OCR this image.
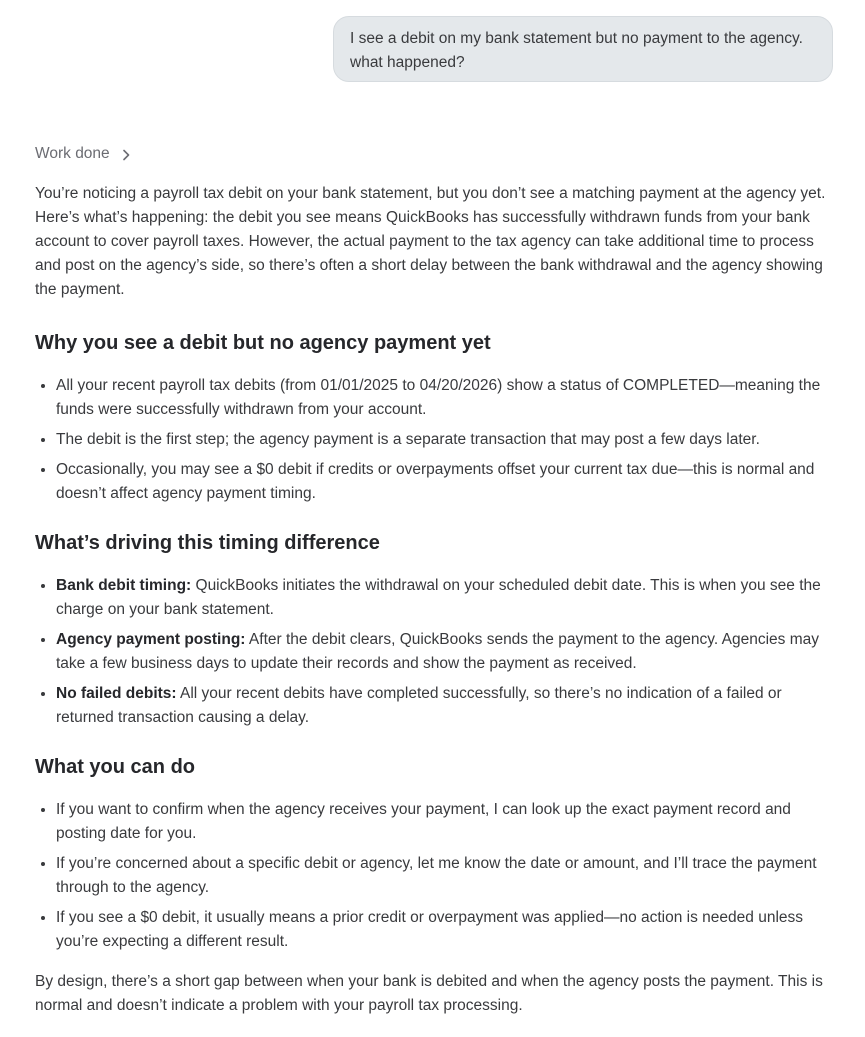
I see a debit on my bank statement but no payment to the agency. what happened?
Work done

You’re noticing a payroll tax debit on your bank statement, but you don’t see a matching payment at the agency yet. Here’s what’s happening: the debit you see means QuickBooks has successfully withdrawn funds from your bank account to cover payroll taxes. However, the actual payment to the tax agency can take additional time to process and post on the agency’s side, so there’s often a short delay between the bank withdrawal and the agency showing the payment.

Why you see a debit but no agency payment yet
• All your recent payroll tax debits (from 01/01/2025 to 04/20/2026) show a status of COMPLETED—meaning the funds were successfully withdrawn from your account.
• The debit is the first step; the agency payment is a separate transaction that may post a few days later.
• Occasionally, you may see a $0 debit if credits or overpayments offset your current tax due—this is normal and doesn’t affect agency payment timing.
What’s driving this timing difference
• Bank debit timing: QuickBooks initiates the withdrawal on your scheduled debit date. This is when you see the charge on your bank statement.
• Agency payment posting: After the debit clears, QuickBooks sends the payment to the agency. Agencies may take a few business days to update their records and show the payment as received.
• No failed debits: All your recent debits have completed successfully, so there’s no indication of a failed or returned transaction causing a delay.
What you can do
• If you want to confirm when the agency receives your payment, I can look up the exact payment record and posting date for you.
• If you’re concerned about a specific debit or agency, let me know the date or amount, and I’ll trace the payment through to the agency.
• If you see a $0 debit, it usually means a prior credit or overpayment was applied—no action is needed unless you’re expecting a different result.

By design, there’s a short gap between when your bank is debited and when the agency posts the payment. This is normal and doesn’t indicate a problem with your payroll tax processing.
